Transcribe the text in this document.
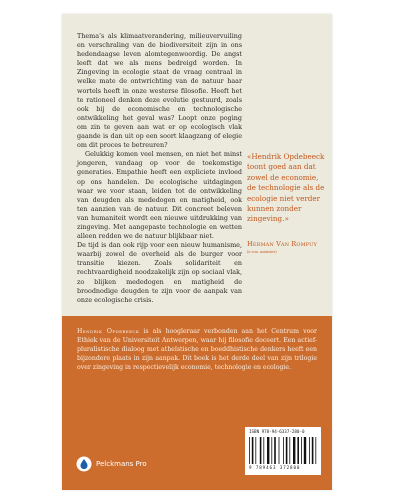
Thema’s als klimaatverandering, milieuvervuiling en verschraling van de biodiversiteit zijn in ons hedendaagse leven alomtegenwoordig. De angst leeft dat we als mens bedreigd worden. In Zingeving in ecologie staat de vraag centraal in welke mate de ontwrichting van de natuur haar wortels heeft in onze westerse filosofie. Heeft het te rationeel denken deze evolutie gestuurd, zoals ook bij de economische en technologische ontwikkeling het geval was? Loopt onze poging om zin te geven aan wat er op ecologisch vlak gaande is dan uit op een soort klaagzang of elegie om dit proces te betreuren?

Gelukkig komen veel mensen, en niet het minst jongeren, vandaag op voor de toekomstige generaties. Empathie heeft een expliciete invloed op ons handelen. De ecologische uitdagingen waar we voor staan, leiden tot de ontwikkeling van deugden als mededogen en matigheid, ook ten aanzien van de natuur. Dit concreet beleven van humaniteit wordt een nieuwe uitdrukking van zingeving. Met aangepaste technologie en wetten alleen redden we de natuur blijkbaar niet.

De tijd is dan ook rijp voor een nieuw humanisme, waarbij zowel de overheid als de burger voor transitie kiezen. Zoals solidariteit en rechtvaardigheid noodzakelijk zijn op sociaal vlak, zo blijken mededogen en matigheid de broodnodige deugden te zijn voor de aanpak van onze ecologische crisis.

«Hendrik Opdebeeck toont goed aan dat zowel de economie, de technologie als de ecologie niet verder kunnen zonder zingeving.»
Herman Van Rompuy
(e.v.m. minister)
Hendrik Opdebeeck is als hoogleraar verbonden aan het Centrum voor Ethiek van de Universiteit Antwerpen, waar hij filosofie doceert. Een actief-pluralistische dialoog met atheïstische en boeddhistische denkers heeft een bijzondere plaats in zijn aanpak. Dit boek is het derde deel van zijn trilogie over zingeving in respectievelijk economie, technologie en ecologie.
Pelckmans Pro
ISBN 978-94-6337-280-0
9 789463 372800
